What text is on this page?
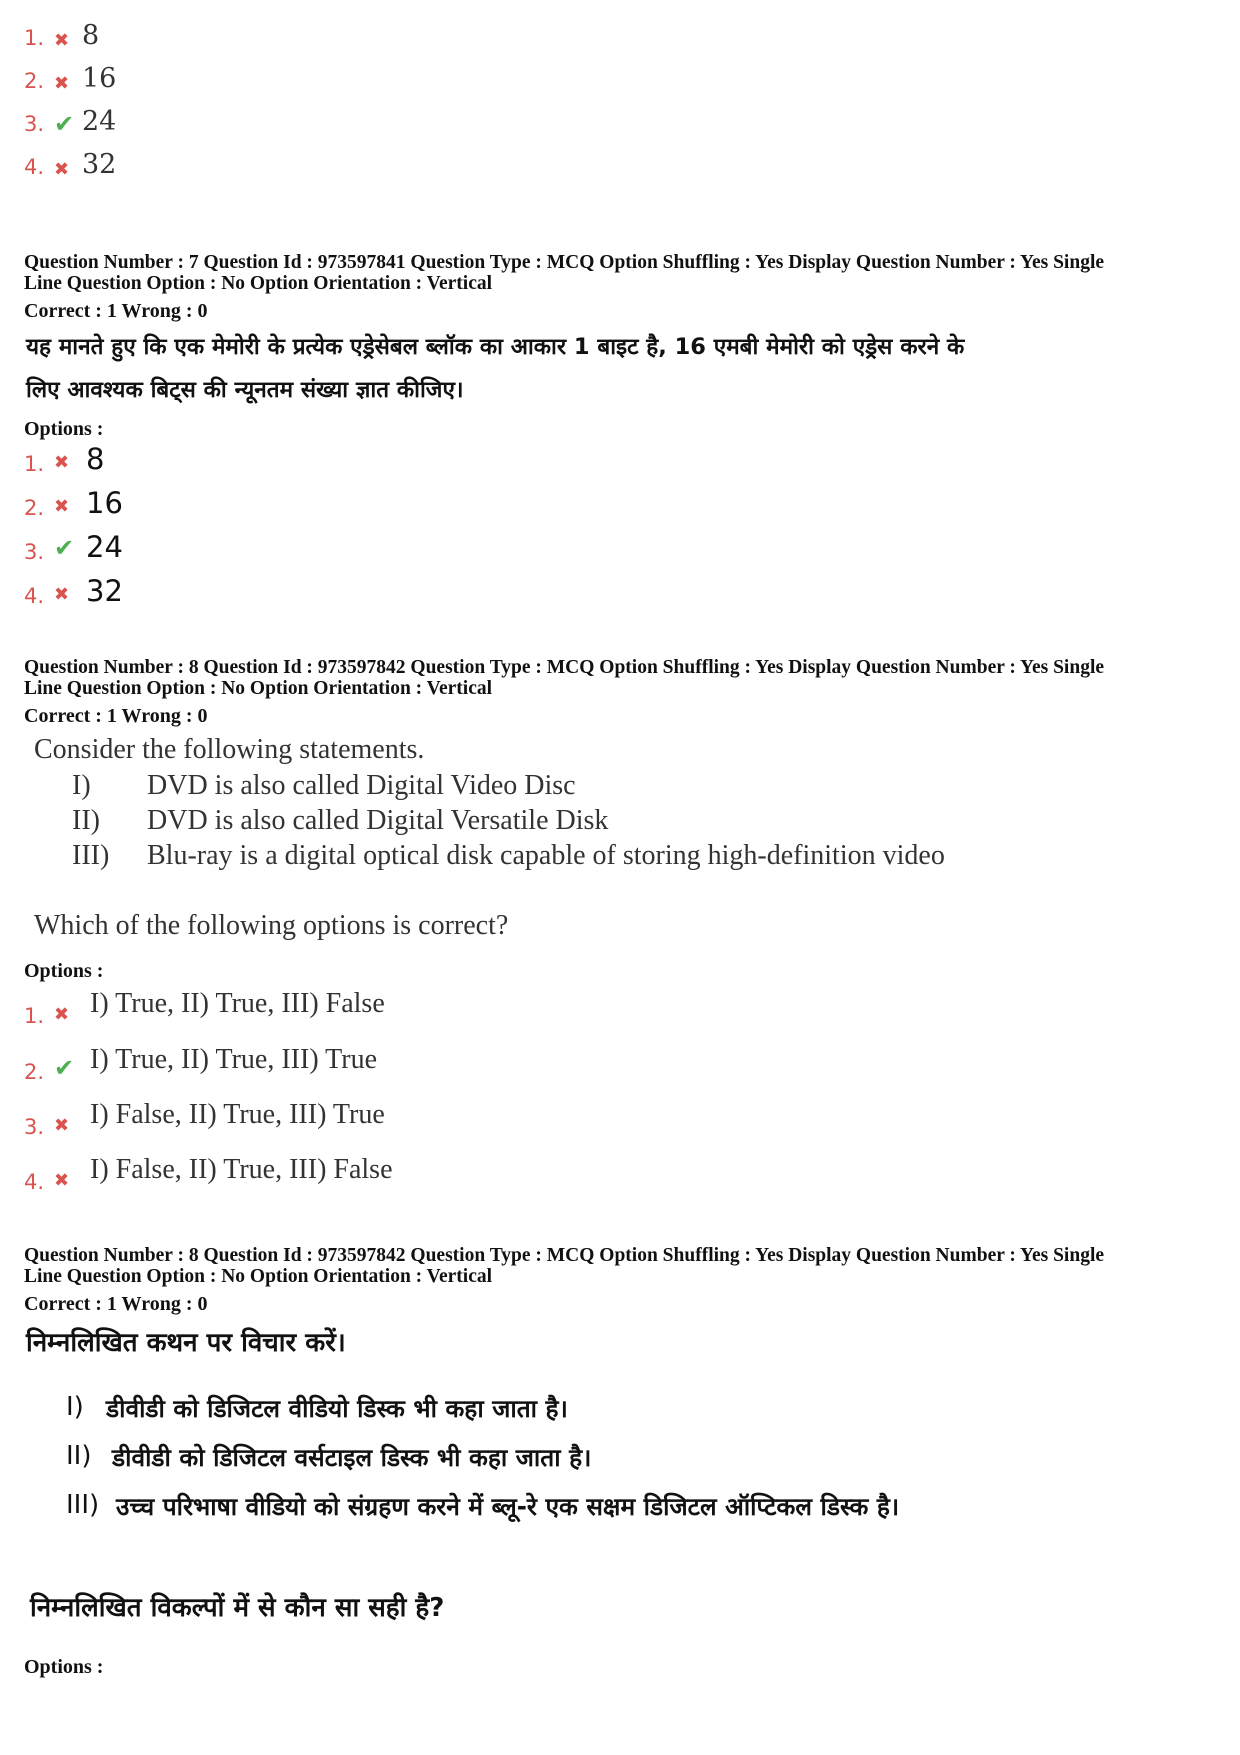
1. ✖ 8
2. ✖ 16
3. ✔ 24
4. ✖ 32
Question Number : 7 Question Id : 973597841 Question Type : MCQ Option Shuffling : Yes Display Question Number : Yes Single
Line Question Option : No Option Orientation : Vertical
Correct : 1 Wrong : 0
यह मानते हुए कि एक मेमोरी के प्रत्येक एड्रेसेबल ब्लॉक का आकार 1 बाइट है, 16 एमबी मेमोरी को एड्रेस करने के
लिए आवश्यक बिट्स की न्यूनतम संख्या ज्ञात कीजिए।
Options :
1. ✖ 8
2. ✖ 16
3. ✔ 24
4. ✖ 32
Question Number : 8 Question Id : 973597842 Question Type : MCQ Option Shuffling : Yes Display Question Number : Yes Single
Line Question Option : No Option Orientation : Vertical
Correct : 1 Wrong : 0
Consider the following statements.
I) DVD is also called Digital Video Disc
II) DVD is also called Digital Versatile Disk
III) Blu-ray is a digital optical disk capable of storing high-definition video
Which of the following options is correct?
Options :
1. ✖ I) True, II) True, III) False
2. ✔ I) True, II) True, III) True
3. ✖ I) False, II) True, III) True
4. ✖ I) False, II) True, III) False
Question Number : 8 Question Id : 973597842 Question Type : MCQ Option Shuffling : Yes Display Question Number : Yes Single
Line Question Option : No Option Orientation : Vertical
Correct : 1 Wrong : 0
निम्नलिखित कथन पर विचार करें।
I) डीवीडी को डिजिटल वीडियो डिस्क भी कहा जाता है।
II) डीवीडी को डिजिटल वर्सटाइल डिस्क भी कहा जाता है।
III) उच्च परिभाषा वीडियो को संग्रहण करने में ब्लू-रे एक सक्षम डिजिटल ऑप्टिकल डिस्क है।
निम्नलिखित विकल्पों में से कौन सा सही है?
Options :
